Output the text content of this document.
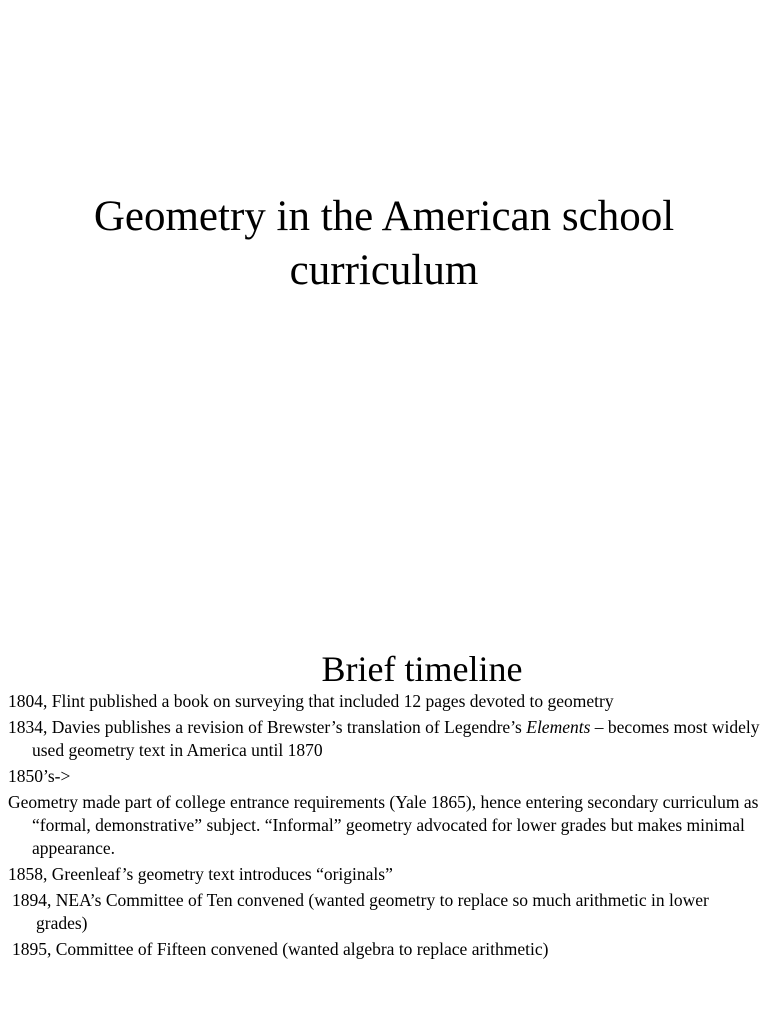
Geometry in the American school
curriculum
Brief timeline
1804, Flint published a book on surveying that included 12 pages devoted to geometry
1834, Davies publishes a revision of Brewster’s translation of Legendre’s Elements – becomes most widely used geometry text in America until 1870
1850’s->
Geometry made part of college entrance requirements (Yale 1865), hence entering secondary curriculum as “formal, demonstrative” subject. “Informal” geometry advocated for lower grades but makes minimal appearance.
1858, Greenleaf’s geometry text introduces “originals”
1894, NEA’s Committee of Ten convened (wanted geometry to replace so much arithmetic in lower grades)
1895, Committee of Fifteen convened (wanted algebra to replace arithmetic)
